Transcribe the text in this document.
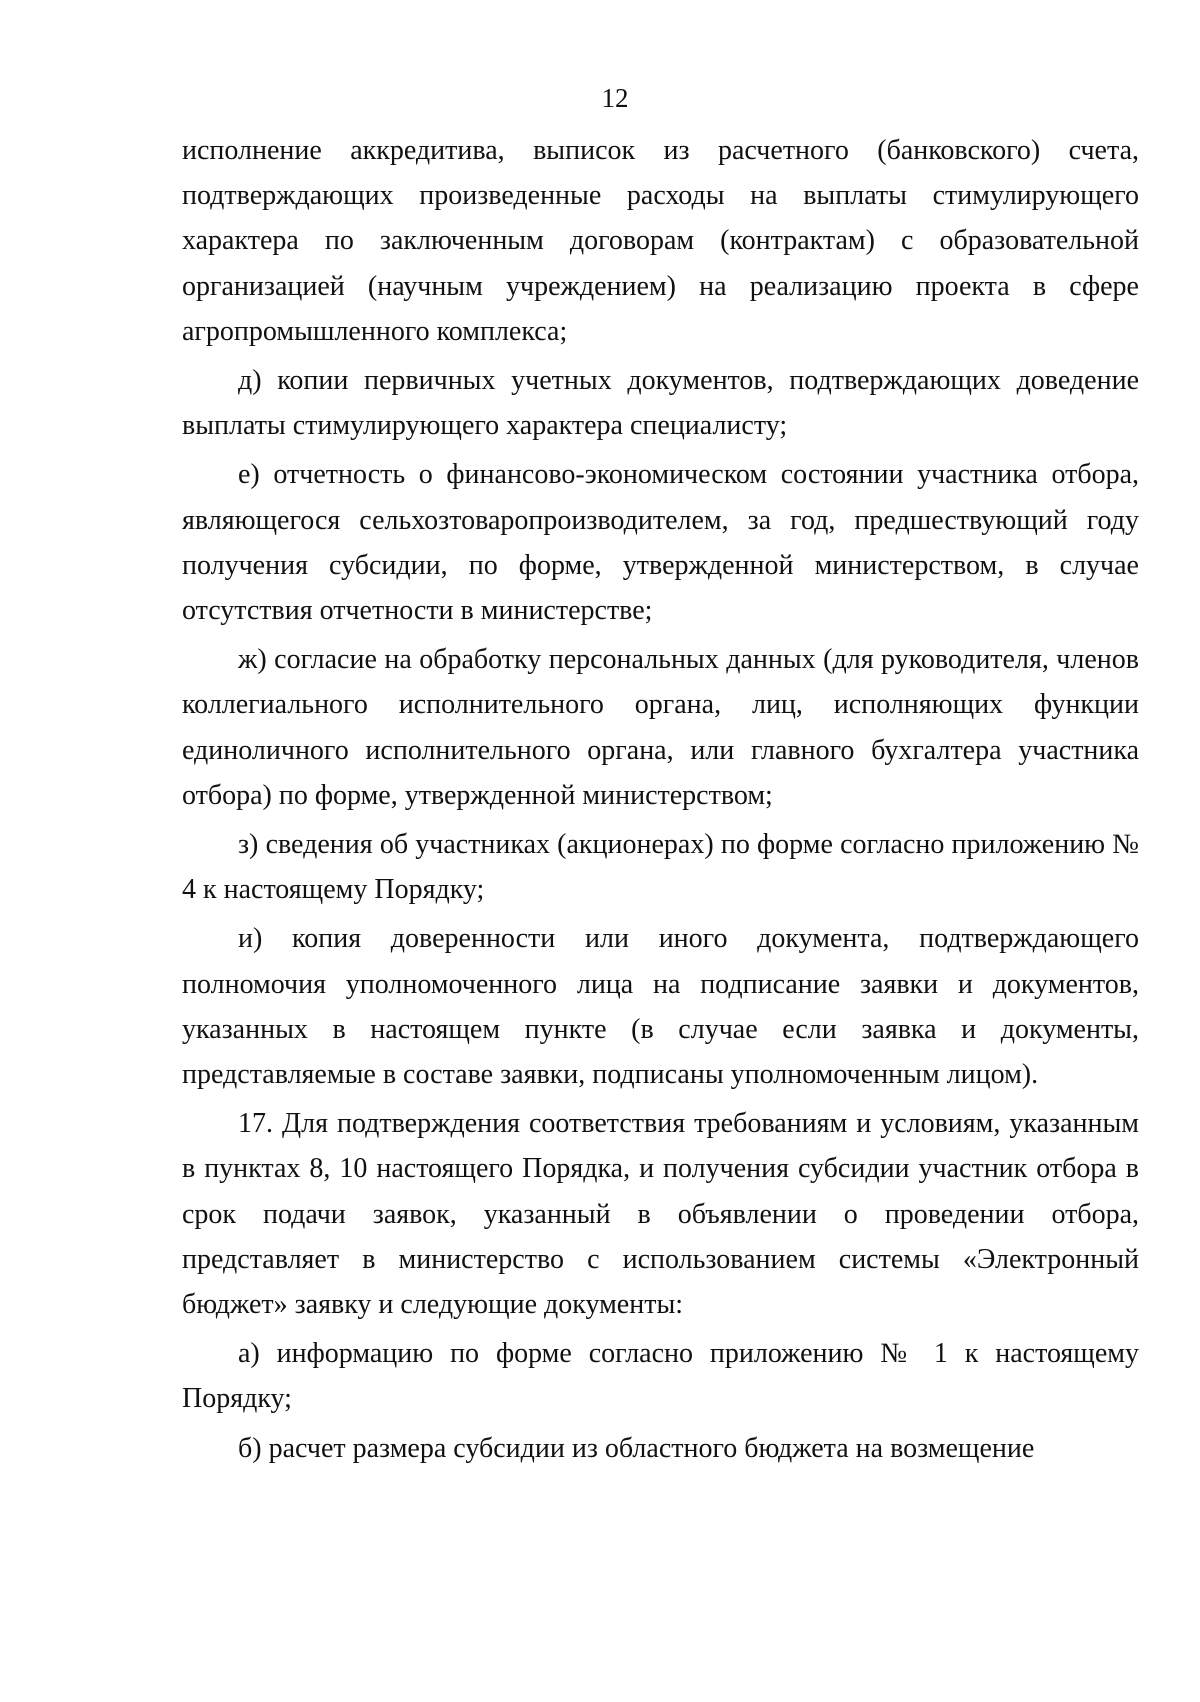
12

исполнение аккредитива, выписок из расчетного (банковского) счета, подтверждающих произведенные расходы на выплаты стимулирующего характера по заключенным договорам (контрактам) с образовательной организацией (научным учреждением) на реализацию проекта в сфере агропромышленного комплекса;

д) копии первичных учетных документов, подтверждающих доведение выплаты стимулирующего характера специалисту;

е) отчетность о финансово-экономическом состоянии участника отбора, являющегося сельхозтоваропроизводителем, за год, предшествующий году получения субсидии, по форме, утвержденной министерством, в случае отсутствия отчетности в министерстве;

ж) согласие на обработку персональных данных (для руководителя, членов коллегиального исполнительного органа, лиц, исполняющих функции единоличного исполнительного органа, или главного бухгалтера участника отбора) по форме, утвержденной министерством;

з) сведения об участниках (акционерах) по форме согласно приложению № 4 к настоящему Порядку;

и) копия доверенности или иного документа, подтверждающего полномочия уполномоченного лица на подписание заявки и документов, указанных в настоящем пункте (в случае если заявка и документы, представляемые в составе заявки, подписаны уполномоченным лицом).

17. Для подтверждения соответствия требованиям и условиям, указанным в пунктах 8, 10 настоящего Порядка, и получения субсидии участник отбора в срок подачи заявок, указанный в объявлении о проведении отбора, представляет в министерство с использованием системы «Электронный бюджет» заявку и следующие документы:

а) информацию по форме согласно приложению № 1 к настоящему Порядку;

б) расчет размера субсидии из областного бюджета на возмещение
